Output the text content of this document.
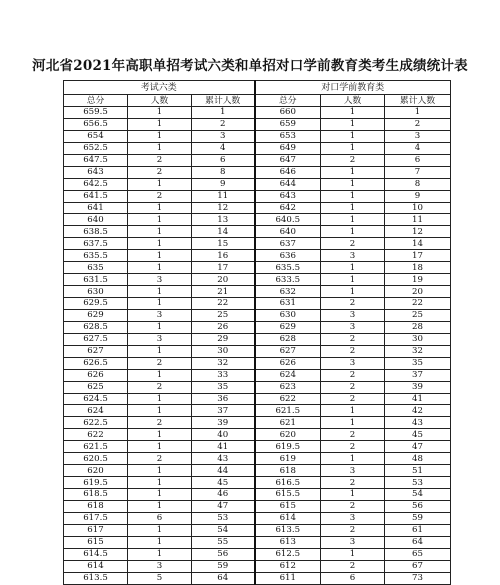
河北省2021年高职单招考试六类和单招对口学前教育类考生成绩统计表
考试六类			对口学前教育类		
总分	人数	累计人数	总分	人数	累计人数
659.5	1	1	660	1	1
656.5	1	2	659	1	2
654	1	3	653	1	3
652.5	1	4	649	1	4
647.5	2	6	647	2	6
643	2	8	646	1	7
642.5	1	9	644	1	8
641.5	2	11	643	1	9
641	1	12	642	1	10
640	1	13	640.5	1	11
638.5	1	14	640	1	12
637.5	1	15	637	2	14
635.5	1	16	636	3	17
635	1	17	635.5	1	18
631.5	3	20	633.5	1	19
630	1	21	632	1	20
629.5	1	22	631	2	22
629	3	25	630	3	25
628.5	1	26	629	3	28
627.5	3	29	628	2	30
627	1	30	627	2	32
626.5	2	32	626	3	35
626	1	33	624	2	37
625	2	35	623	2	39
624.5	1	36	622	2	41
624	1	37	621.5	1	42
622.5	2	39	621	1	43
622	1	40	620	2	45
621.5	1	41	619.5	2	47
620.5	2	43	619	1	48
620	1	44	618	3	51
619.5	1	45	616.5	2	53
618.5	1	46	615.5	1	54
618	1	47	615	2	56
617.5	6	53	614	3	59
617	1	54	613.5	2	61
615	1	55	613	3	64
614.5	1	56	612.5	1	65
614	3	59	612	2	67
613.5	5	64	611	6	73
